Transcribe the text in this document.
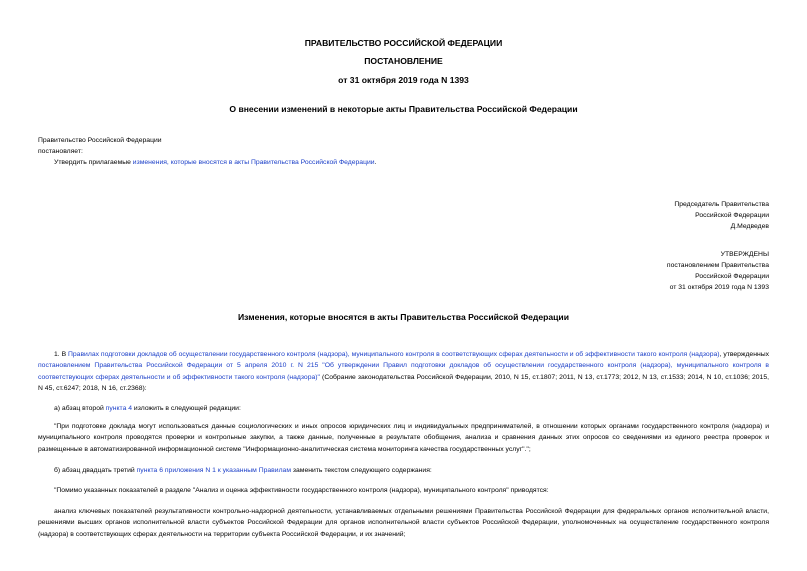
ПРАВИТЕЛЬСТВО РОССИЙСКОЙ ФЕДЕРАЦИИ
ПОСТАНОВЛЕНИЕ
от 31 октября 2019 года N 1393
О внесении изменений в некоторые акты Правительства Российской Федерации
Правительство Российской Федерации
постановляет:
Утвердить прилагаемые изменения, которые вносятся в акты Правительства Российской Федерации.
Председатель Правительства
Российской Федерации
Д.Медведев
УТВЕРЖДЕНЫ
постановлением Правительства
Российской Федерации
от 31 октября 2019 года N 1393
Изменения, которые вносятся в акты Правительства Российской Федерации
1. В Правилах подготовки докладов об осуществлении государственного контроля (надзора), муниципального контроля в соответствующих сферах деятельности и об эффективности такого контроля (надзора), утвержденных постановлением Правительства Российской Федерации от 5 апреля 2010 г. N 215 "Об утверждении Правил подготовки докладов об осуществлении государственного контроля (надзора), муниципального контроля в соответствующих сферах деятельности и об эффективности такого контроля (надзора)" (Собрание законодательства Российской Федерации, 2010, N 15, ст.1807; 2011, N 13, ст.1773; 2012, N 13, ст.1533; 2014, N 10, ст.1036; 2015, N 45, ст.6247; 2018, N 16, ст.2368):
а) абзац второй пункта 4 изложить в следующей редакции:
"При подготовке доклада могут использоваться данные социологических и иных опросов юридических лиц и индивидуальных предпринимателей, в отношении которых органами государственного контроля (надзора) и муниципального контроля проводятся проверки и контрольные закупки, а также данные, полученные в результате обобщения, анализа и сравнения данных этих опросов со сведениями из единого реестра проверок и размещенные в автоматизированной информационной системе "Информационно-аналитическая система мониторинга качества государственных услуг".";
б) абзац двадцать третий пункта 6 приложения N 1 к указанным Правилам заменить текстом следующего содержания:
"Помимо указанных показателей в разделе "Анализ и оценка эффективности государственного контроля (надзора), муниципального контроля" приводятся:
анализ ключевых показателей результативности контрольно-надзорной деятельности, устанавливаемых отдельными решениями Правительства Российской Федерации для федеральных органов исполнительной власти, решениями высших органов исполнительной власти субъектов Российской Федерации для органов исполнительной власти субъектов Российской Федерации, уполномоченных на осуществление государственного контроля (надзора) в соответствующих сферах деятельности на территории субъекта Российской Федерации, и их значений;
